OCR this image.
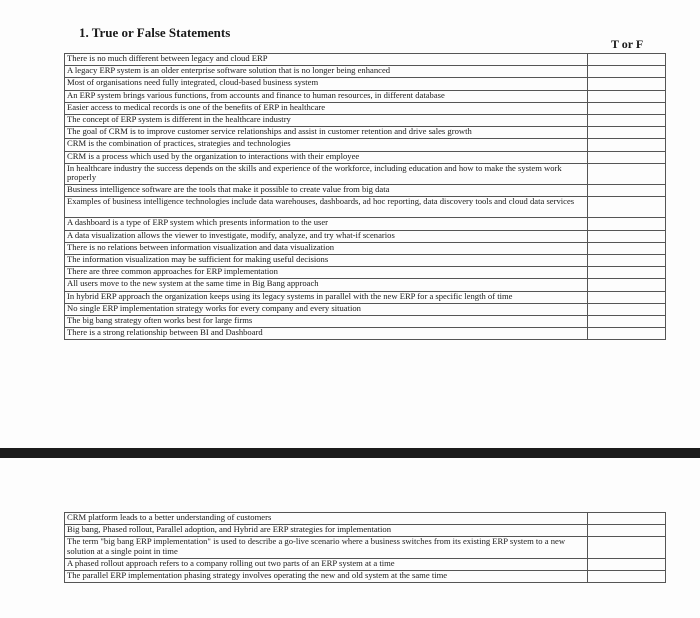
1. True or False Statements
T or F
There is no much different between legacy and cloud ERP	
A legacy ERP system is an older enterprise software solution that is no longer being enhanced	
Most of organisations need fully integrated, cloud-based business system	
An ERP system brings various functions, from accounts and finance to human resources, in different database	
Easier access to medical records is one of the benefits of ERP in healthcare	
The concept of ERP system is different in the healthcare industry	
The goal of CRM is to improve customer service relationships and assist in customer retention and drive sales growth	
CRM is the combination of practices, strategies and technologies	
CRM is a process which used by the organization to interactions with their employee	
In healthcare industry the success depends on the skills and experience of the workforce, including education and how to make the system work properly	
Business intelligence software are the tools that make it possible to create value from big data	
Examples of business intelligence technologies include data warehouses, dashboards, ad hoc reporting, data discovery tools and cloud data services	
A dashboard is a type of ERP system which presents information to the user	
A data visualization allows the viewer to investigate, modify, analyze, and try what-if scenarios	
There is no relations between information visualization and data visualization	
The information visualization may be sufficient for making useful decisions	
There are three common approaches for ERP implementation	
All users move to the new system at the same time in Big Bang approach	
In hybrid ERP approach the organization keeps using its legacy systems in parallel with the new ERP for a specific length of time	
No single ERP implementation strategy works for every company and every situation	
The big bang strategy often works best for large firms	
There is a strong relationship between BI and Dashboard	
CRM platform leads to a better understanding of customers	
Big bang, Phased rollout, Parallel adoption, and Hybrid are ERP strategies for implementation	
The term "big bang ERP implementation" is used to describe a go-live scenario where a business switches from its existing ERP system to a new solution at a single point in time	
A phased rollout approach refers to a company rolling out two parts of an ERP system at a time	
The parallel ERP implementation phasing strategy involves operating the new and old system at the same time	
